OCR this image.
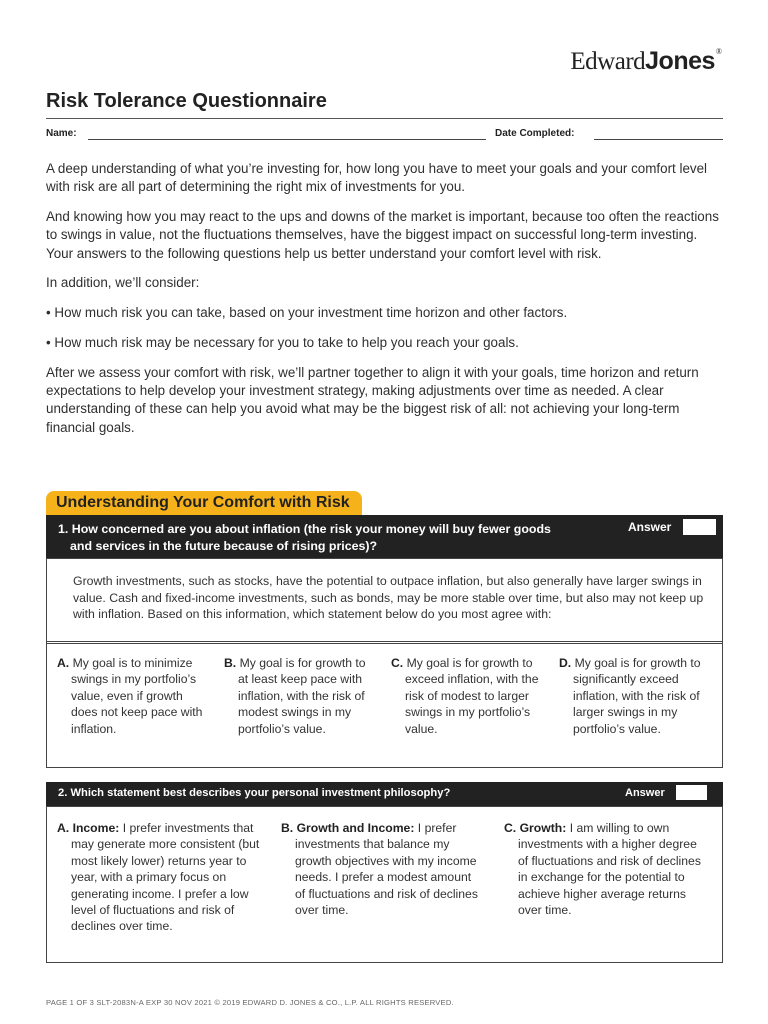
EdwardJones®
Risk Tolerance Questionnaire
Name:	Date Completed:

A deep understanding of what you’re investing for, how long you have to meet your goals and your comfort level with risk are all part of determining the right mix of investments for you.

And knowing how you may react to the ups and downs of the market is important, because too often the reactions to swings in value, not the fluctuations themselves, have the biggest impact on successful long-term investing. Your answers to the following questions help us better understand your comfort level with risk.

In addition, we’ll consider:

• How much risk you can take, based on your investment time horizon and other factors.

• How much risk may be necessary for you to take to help you reach your goals.

After we assess your comfort with risk, we’ll partner together to align it with your goals, time horizon and return expectations to help develop your investment strategy, making adjustments over time as needed. A clear understanding of these can help you avoid what may be the biggest risk of all: not achieving your long-term financial goals.

Understanding Your Comfort with Risk
1. How concerned are you about inflation (the risk your money will buy fewer goods
and services in the future because of rising prices)?
Answer
Growth investments, such as stocks, have the potential to outpace inflation, but also generally have larger swings in value. Cash and fixed-income investments, such as bonds, may be more stable over time, but also may not keep up with inflation. Based on this information, which statement below do you most agree with:
A. My goal is to minimize swings in my portfolio’s value, even if growth does not keep pace with inflation.
B. My goal is for growth to at least keep pace with inflation, with the risk of modest swings in my portfolio’s value.
C. My goal is for growth to exceed inflation, with the risk of modest to larger swings in my portfolio’s value.
D. My goal is for growth to significantly exceed inflation, with the risk of larger swings in my portfolio’s value.
2. Which statement best describes your personal investment philosophy?	Answer
A. Income: I prefer investments that may generate more consistent (but most likely lower) returns year to year, with a primary focus on generating income. I prefer a low level of fluctuations and risk of declines over time.
B. Growth and Income: I prefer investments that balance my growth objectives with my income needs. I prefer a modest amount of fluctuations and risk of declines over time.
C. Growth: I am willing to own investments with a higher degree of fluctuations and risk of declines in exchange for the potential to achieve higher average returns over time.
PAGE 1 OF 3 SLT-2083N-A EXP 30 NOV 2021 © 2019 EDWARD D. JONES & CO., L.P. ALL RIGHTS RESERVED.
